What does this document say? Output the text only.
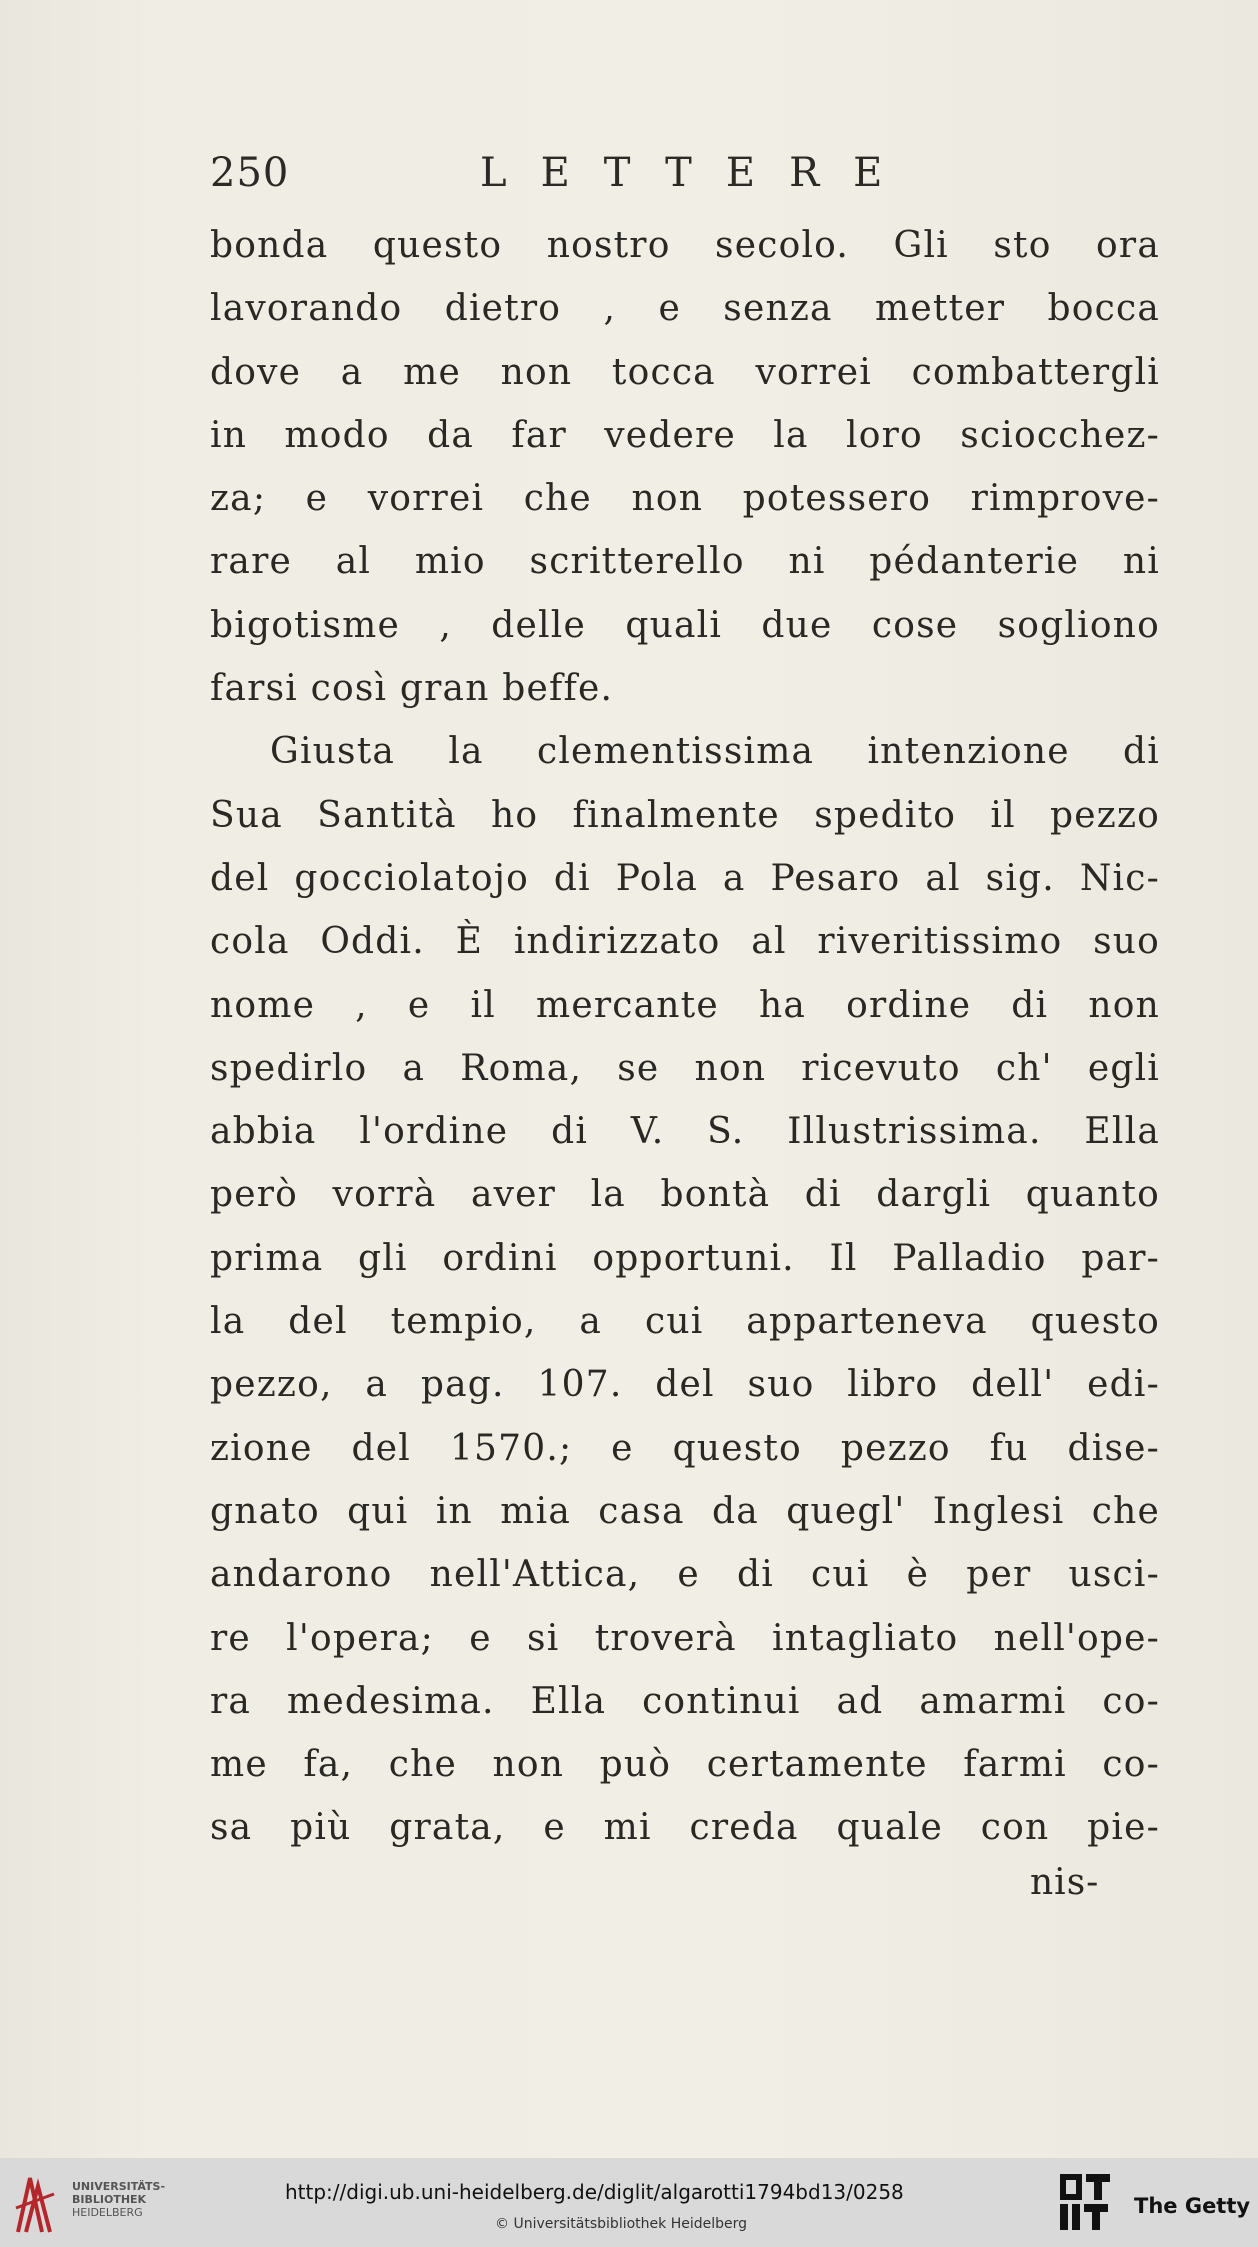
250	LETTERE
bonda questo nostro secolo. Gli sto ora
lavorando dietro , e senza metter bocca
dove a me non tocca vorrei combattergli
in modo da far vedere la loro sciocchez-
za; e vorrei che non potessero rimprove-
rare al mio scritterello ni pédanterie ni
bigotisme , delle quali due cose sogliono
farsi così gran beffe.
Giusta la clementissima intenzione di
Sua Santità ho finalmente spedito il pezzo
del gocciolatojo di Pola a Pesaro al sig. Nic-
cola Oddi. È indirizzato al riveritissimo suo
nome , e il mercante ha ordine di non
spedirlo a Roma, se non ricevuto ch' egli
abbia l'ordine di V. S. Illustrissima. Ella
però vorrà aver la bontà di dargli quanto
prima gli ordini opportuni. Il Palladio par-
la del tempio, a cui apparteneva questo
pezzo, a pag. 107. del suo libro dell' edi-
zione del 1570.; e questo pezzo fu dise-
gnato qui in mia casa da quegl' Inglesi che
andarono nell'Attica, e di cui è per usci-
re l'opera; e si troverà intagliato nell'ope-
ra medesima. Ella continui ad amarmi co-
me fa, che non può certamente farmi co-
sa più grata, e mi creda quale con pie-
nis-
UNIVERSITÄTS-
BIBLIOTHEK
HEIDELBERG
http://digi.ub.uni-heidelberg.de/diglit/algarotti1794bd13/0258
© Universitätsbibliothek Heidelberg
The Getty
